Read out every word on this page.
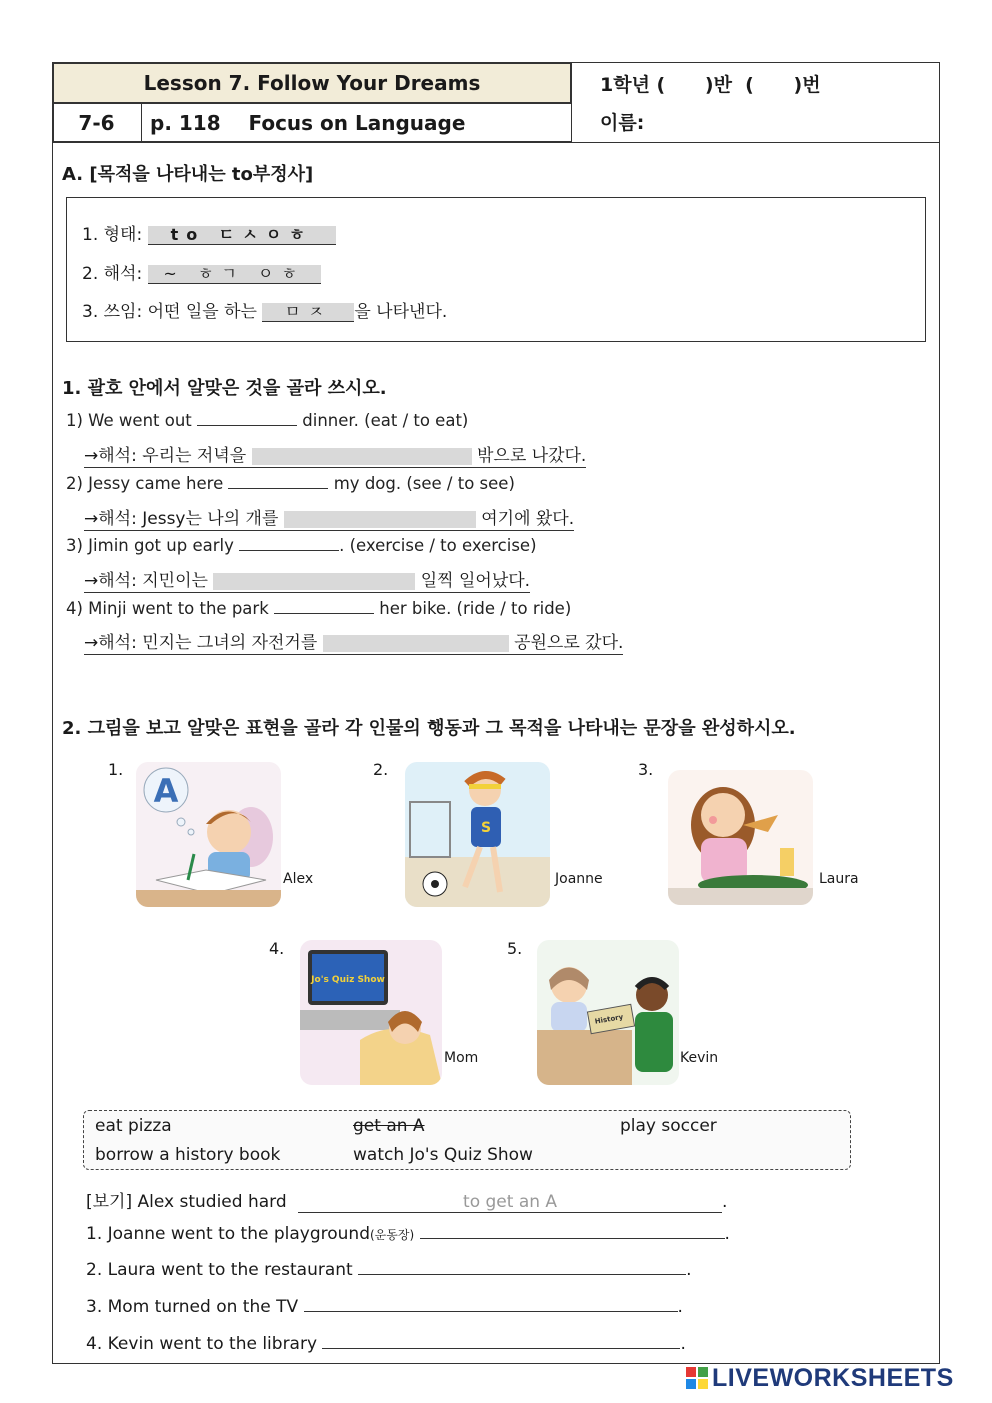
Lesson 7. Follow Your Dreams
7-6	p. 118    Focus on Language
1학년 (      )반  (      )번
이름:
A. [목적을 나타내는 to부정사]
1. 형태: to ㄷㅅㅇㅎ
2. 해석: ~ ㅎㄱ ㅇㅎ
3. 쓰임: 어떤 일을 하는 ㅁㅈ 을 나타낸다.
1. 괄호 안에서 알맞은 것을 골라 쓰시오.
1) We went out	dinner. (eat / to eat)
→해석: 우리는 저녁을	밖으로 나갔다.
2) Jessy came here	my dog. (see / to see)
→해석: Jessy는 나의 개를	여기에 왔다.
3) Jimin got up early	. (exercise / to exercise)
→해석: 지민이는	일찍 일어났다.
4) Minji went to the park	her bike. (ride / to ride)
→해석: 민지는 그녀의 자전거를	공원으로 갔다.
2. 그림을 보고 알맞은 표현을 골라 각 인물의 행동과 그 목적을 나타내는 문장을 완성하시오.
1.
A
Alex
2.
S
Joanne
3.
Laura
4.
Jo's Quiz Show
Mom
5.
History
Kevin
eat pizza	get an A	play soccer
borrow a history book	watch Jo's Quiz Show
[보기] Alex studied hard	to get an A	.
1. Joanne went to the playground(운동장)	.
2. Laura went to the restaurant	.
3. Mom turned on the TV	.
4. Kevin went to the library	.
LIVEWORKSHEETS
